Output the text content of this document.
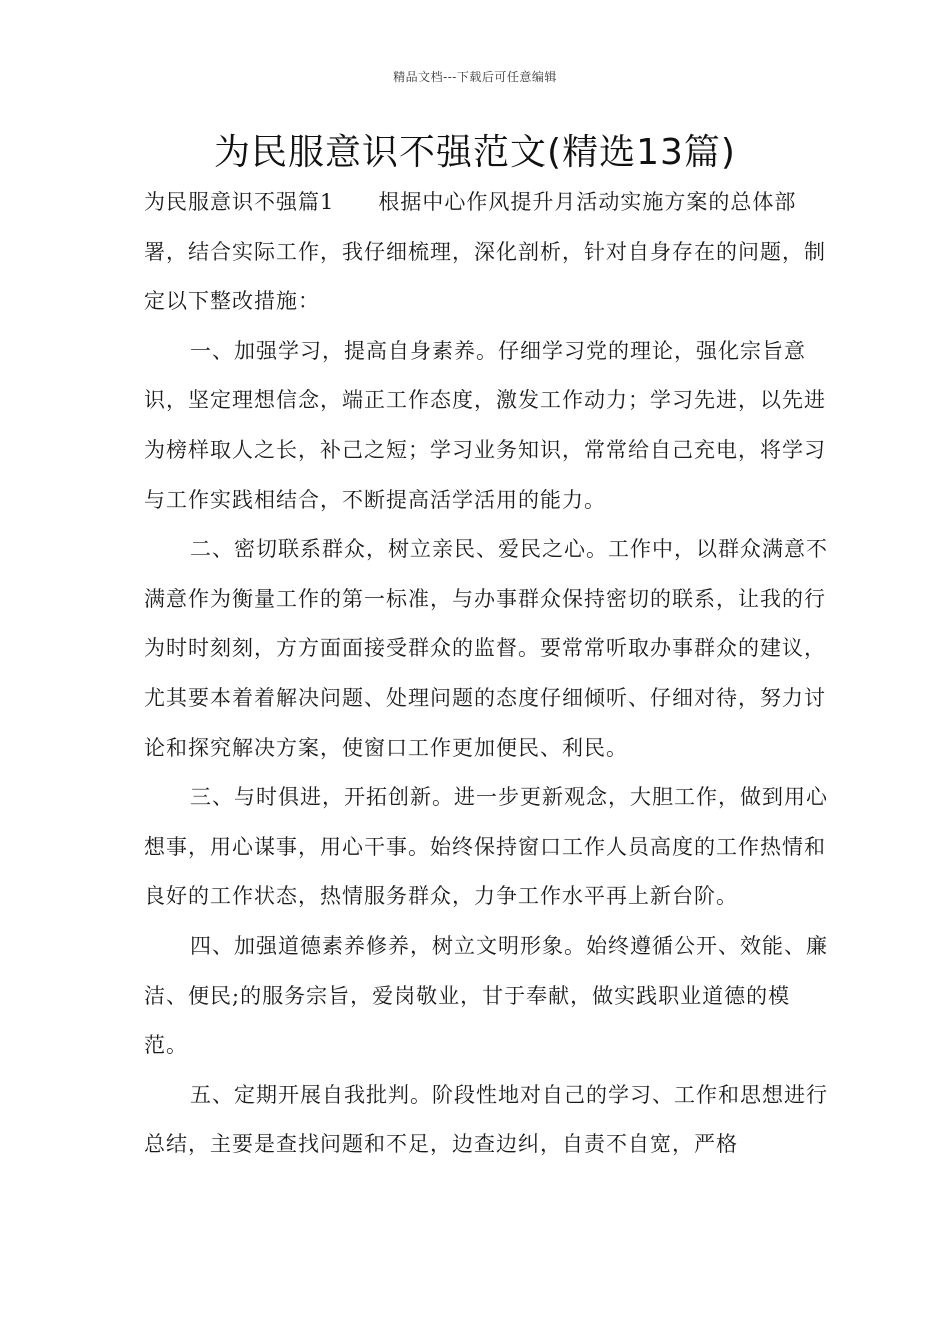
精品文档---下载后可任意编辑
为民服意识不强范文(精选13篇)

为民服意识不强篇1 根据中心作风提升月活动实施方案的总体部署，结合实际工作，我仔细梳理，深化剖析，针对自身存在的问题，制定以下整改措施：

一、加强学习，提高自身素养。仔细学习党的理论，强化宗旨意识，坚定理想信念，端正工作态度，激发工作动力；学习先进，以先进为榜样取人之长，补己之短；学习业务知识，常常给自己充电，将学习与工作实践相结合，不断提高活学活用的能力。

二、密切联系群众，树立亲民、爱民之心。工作中，以群众满意不满意作为衡量工作的第一标准，与办事群众保持密切的联系，让我的行为时时刻刻，方方面面接受群众的监督。要常常听取办事群众的建议，尤其要本着着解决问题、处理问题的态度仔细倾听、仔细对待，努力讨论和探究解决方案，使窗口工作更加便民、利民。

三、与时俱进，开拓创新。进一步更新观念，大胆工作，做到用心想事，用心谋事，用心干事。始终保持窗口工作人员高度的工作热情和良好的工作状态，热情服务群众，力争工作水平再上新台阶。

四、加强道德素养修养，树立文明形象。始终遵循公开、效能、廉洁、便民;的服务宗旨，爱岗敬业，甘于奉献，做实践职业道德的模范。

五、定期开展自我批判。阶段性地对自己的学习、工作和思想进行总结，主要是查找问题和不足，边查边纠，自责不自宽，严格
